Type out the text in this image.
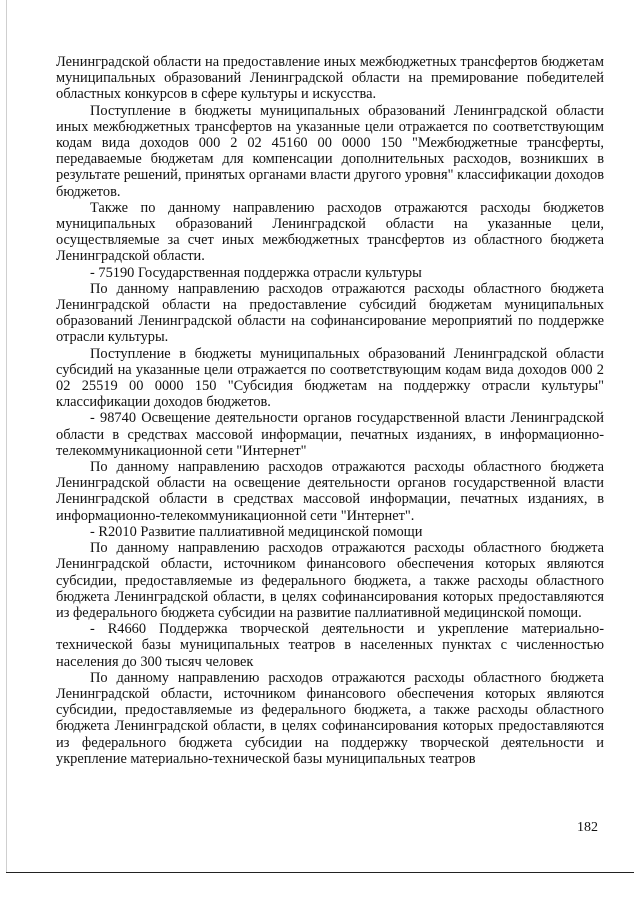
Ленинградской области на предоставление иных межбюджетных трансфертов бюджетам муниципальных образований Ленинградской области на премирование победителей областных конкурсов в сфере культуры и искусства.

Поступление в бюджеты муниципальных образований Ленинградской области иных межбюджетных трансфертов на указанные цели отражается по соответствующим кодам вида доходов 000 2 02 45160 00 0000 150 "Межбюджетные трансферты, передаваемые бюджетам для компенсации дополнительных расходов, возникших в результате решений, принятых органами власти другого уровня" классификации доходов бюджетов.

Также по данному направлению расходов отражаются расходы бюджетов муниципальных образований Ленинградской области на указанные цели, осуществляемые за счет иных межбюджетных трансфертов из областного бюджета Ленинградской области.

- 75190 Государственная поддержка отрасли культуры

По данному направлению расходов отражаются расходы областного бюджета Ленинградской области на предоставление субсидий бюджетам муниципальных образований Ленинградской области на софинансирование мероприятий по поддержке отрасли культуры.

Поступление в бюджеты муниципальных образований Ленинградской области субсидий на указанные цели отражается по соответствующим кодам вида доходов 000 2 02 25519 00 0000 150 "Субсидия бюджетам на поддержку отрасли культуры" классификации доходов бюджетов.

- 98740 Освещение деятельности органов государственной власти Ленинградской области в средствах массовой информации, печатных изданиях, в информационно-телекоммуникационной сети "Интернет"

По данному направлению расходов отражаются расходы областного бюджета Ленинградской области на освещение деятельности органов государственной власти Ленинградской области в средствах массовой информации, печатных изданиях, в информационно-телекоммуникационной сети "Интернет".

- R2010 Развитие паллиативной медицинской помощи

По данному направлению расходов отражаются расходы областного бюджета Ленинградской области, источником финансового обеспечения которых являются субсидии, предоставляемые из федерального бюджета, а также расходы областного бюджета Ленинградской области, в целях софинансирования которых предоставляются из федерального бюджета субсидии на развитие паллиативной медицинской помощи.

- R4660 Поддержка творческой деятельности и укрепление материально-технической базы муниципальных театров в населенных пунктах с численностью населения до 300 тысяч человек

По данному направлению расходов отражаются расходы областного бюджета Ленинградской области, источником финансового обеспечения которых являются субсидии, предоставляемые из федерального бюджета, а также расходы областного бюджета Ленинградской области, в целях софинансирования которых предоставляются из федерального бюджета субсидии на поддержку творческой деятельности и укрепление материально-технической базы муниципальных театров

182
